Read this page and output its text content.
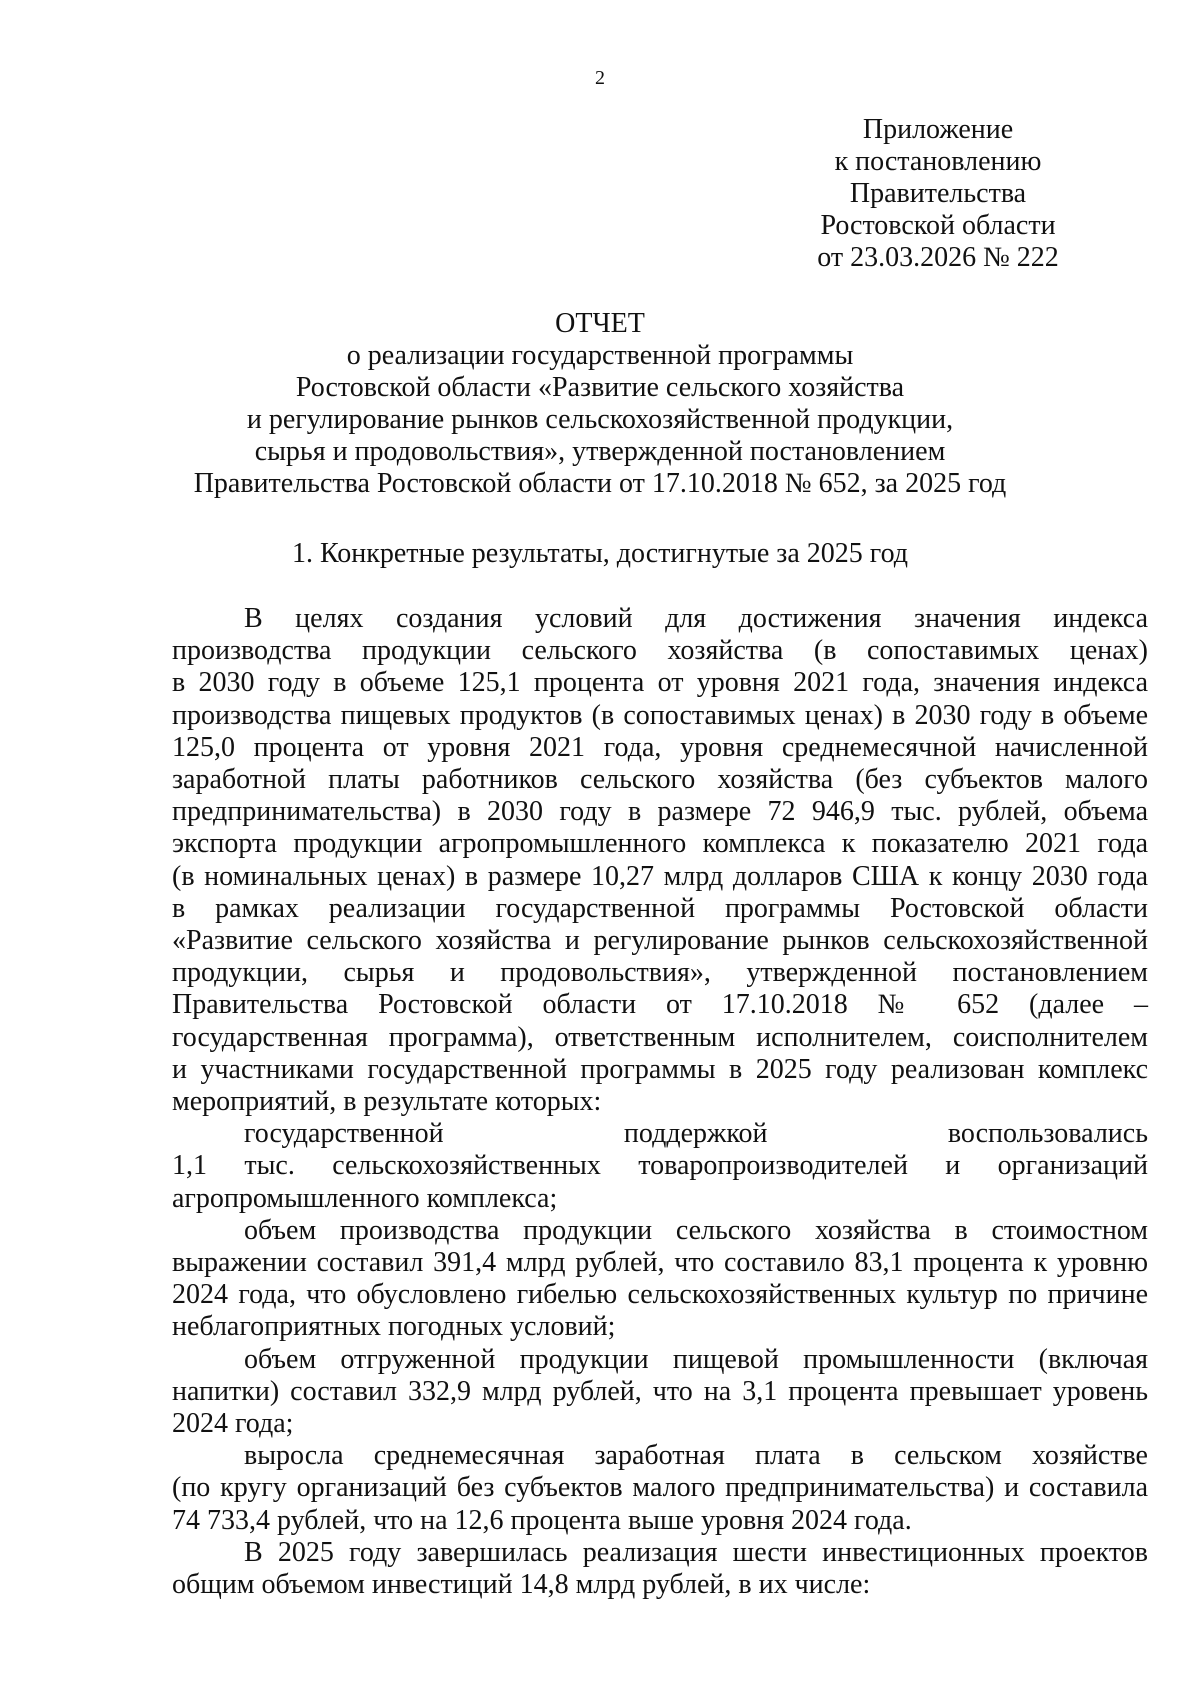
2
Приложение
к постановлению
Правительства
Ростовской области
от 23.03.2026 № 222
ОТЧЕТ
о реализации государственной программы
Ростовской области «Развитие сельского хозяйства
и регулирование рынков сельскохозяйственной продукции,
сырья и продовольствия», утвержденной постановлением
Правительства Ростовской области от 17.10.2018 № 652, за 2025 год
1. Конкретные результаты, достигнутые за 2025 год
В целях создания условий для достижения значения индекса
производства продукции сельского хозяйства (в сопоставимых ценах)
в 2030 году в объеме 125,1 процента от уровня 2021 года, значения индекса
производства пищевых продуктов (в сопоставимых ценах) в 2030 году в объеме
125,0 процента от уровня 2021 года, уровня среднемесячной начисленной
заработной платы работников сельского хозяйства (без субъектов малого
предпринимательства) в 2030 году в размере 72 946,9 тыс. рублей, объема
экспорта продукции агропромышленного комплекса к показателю 2021 года
(в номинальных ценах) в размере 10,27 млрд долларов США к концу 2030 года
в рамках реализации государственной программы Ростовской области
«Развитие сельского хозяйства и регулирование рынков сельскохозяйственной
продукции, сырья и продовольствия», утвержденной постановлением
Правительства Ростовской области от 17.10.2018 № 652 (далее –
государственная программа), ответственным исполнителем, соисполнителем
и участниками государственной программы в 2025 году реализован комплекс
мероприятий, в результате которых:
государственной поддержкой воспользовались
1,1 тыс. сельскохозяйственных товаропроизводителей и организаций
агропромышленного комплекса;
объем производства продукции сельского хозяйства в стоимостном
выражении составил 391,4 млрд рублей, что составило 83,1 процента к уровню
2024 года, что обусловлено гибелью сельскохозяйственных культур по причине
неблагоприятных погодных условий;
объем отгруженной продукции пищевой промышленности (включая
напитки) составил 332,9 млрд рублей, что на 3,1 процента превышает уровень
2024 года;
выросла среднемесячная заработная плата в сельском хозяйстве
(по кругу организаций без субъектов малого предпринимательства) и составила
74 733,4 рублей, что на 12,6 процента выше уровня 2024 года.
В 2025 году завершилась реализация шести инвестиционных проектов
общим объемом инвестиций 14,8 млрд рублей, в их числе:
